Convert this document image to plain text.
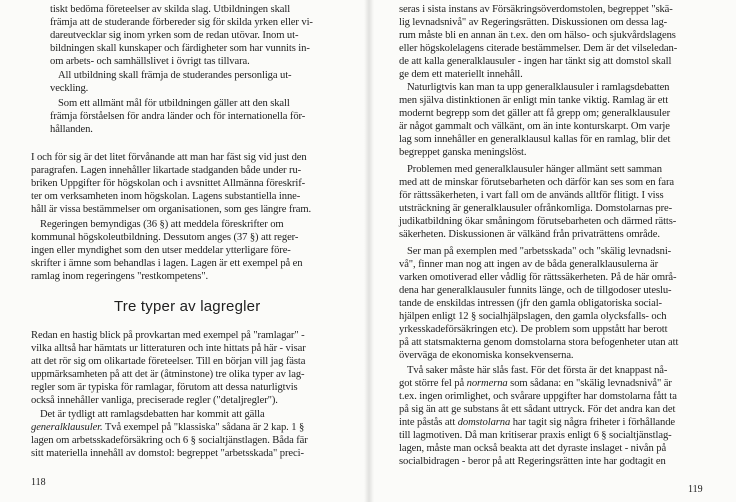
tiskt bedöma företeelser av skilda slag. Utbildningen skall
främja att de studerande förbereder sig för skilda yrken eller vi-
dareutvecklar sig inom yrken som de redan utövar. Inom ut-
bildningen skall kunskaper och färdigheter som har vunnits in-
om arbets- och samhällslivet i övrigt tas tillvara.
All utbildning skall främja de studerandes personliga ut-
veckling.
Som ett allmänt mål för utbildningen gäller att den skall
främja förståelsen för andra länder och för internationella för-
hållanden.
I och för sig är det litet förvånande att man har fäst sig vid just den
paragrafen. Lagen innehåller likartade stadganden både under ru-
briken Uppgifter för högskolan och i avsnittet Allmänna föreskrif-
ter om verksamheten inom högskolan. Lagens substantiella inne-
håll är vissa bestämmelser om organisationen, som ges längre fram.
Regeringen bemyndigas (36 §) att meddela föreskrifter om
kommunal högskoleutbildning. Dessutom anges (37 §) att reger-
ingen eller myndighet som den utser meddelar ytterligare före-
skrifter i ämne som behandlas i lagen. Lagen är ett exempel på en
ramlag inom regeringens "restkompetens".
Tre typer av lagregler
Redan en hastig blick på provkartan med exempel på "ramlagar" -
vilka alltså har hämtats ur litteraturen och inte hittats på här - visar
att det rör sig om olikartade företeelser. Till en början vill jag fästa
uppmärksamheten på att det är (åtminstone) tre olika typer av lag-
regler som är typiska för ramlagar, förutom att dessa naturligtvis
också innehåller vanliga, preciserade regler ("detaljregler").
Det är tydligt att ramlagsdebatten har kommit att gälla
generalklausuler. Två exempel på "klassiska" sådana är 2 kap. 1 §
lagen om arbetsskadeförsäkring och 6 § socialtjänstlagen. Båda fär
sitt materiella innehåll av domstol: begreppet "arbetsskada" preci-
118
seras i sista instans av Försäkringsöverdomstolen, begreppet "skä-
lig levnadsnivå" av Regeringsrätten. Diskussionen om dessa lag-
rum måste bli en annan än t.ex. den om hälso- och sjukvårdslagens
eller högskolelagens citerade bestämmelser. Dem är det vilseledan-
de att kalla generalklausuler - ingen har tänkt sig att domstol skall
ge dem ett materiellt innehåll.
Naturligtvis kan man ta upp generalklausuler i ramlagsdebatten
men själva distinktionen är enligt min tanke viktig. Ramlag är ett
modernt begrepp som det gäller att få grepp om; generalklausuler
är något gammalt och välkänt, om än inte konturskarpt. Om varje
lag som innehåller en generalklausul kallas för en ramlag, blir det
begreppet ganska meningslöst.
Problemen med generalklausuler hänger allmänt sett samman
med att de minskar förutsebarheten och därför kan ses som en fara
för rättssäkerheten, i vart fall om de används alltför flitigt. I viss
utsträckning är generalklausuler ofrånkomliga. Domstolarnas pre-
judikatbildning ökar småningom förutsebarheten och därmed rätts-
säkerheten. Diskussionen är välkänd från privaträttens område.
Ser man på exemplen med "arbetsskada" och "skälig levnadsni-
vå", finner man nog att ingen av de båda generalklausulerna är
varken omotiverad eller vådlig för rättssäkerheten. På de här områ-
dena har generalklausuler funnits länge, och de tillgodoser uteslu-
tande de enskildas intressen (jfr den gamla obligatoriska social-
hjälpen enligt 12 § socialhjälpslagen, den gamla olycksfalls- och
yrkesskadeförsäkringen etc). De problem som uppstått har berott
på att statsmakterna genom domstolarna stora befogenheter utan att
överväga de ekonomiska konsekvenserna.
Två saker måste här slås fast. För det första är det knappast nå-
got större fel på normerna som sådana: en "skälig levnadsnivå" är
t.ex. ingen orimlighet, och svårare uppgifter har domstolarna fått ta
på sig än att ge substans åt ett sådant uttryck. För det andra kan det
inte påstås att domstolarna har tagit sig några friheter i förhållande
till lagmotiven. Då man kritiserar praxis enligt 6 § socialtjänstlag-
lagen, måste man också beakta att det dyraste inslaget - nivån på
socialbidragen - beror på att Regeringsrätten inte har godtagit en
119
